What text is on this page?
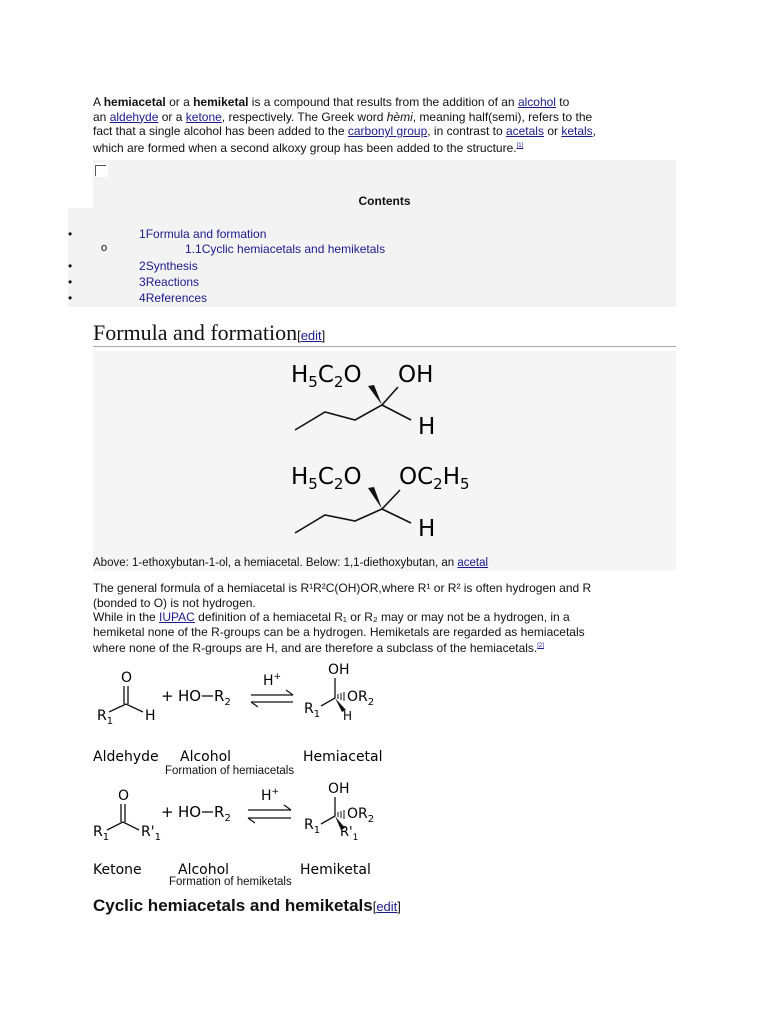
A hemiacetal or a hemiketal is a compound that results from the addition of an alcohol to
an aldehyde or a ketone, respectively. The Greek word hèmi, meaning half(semi), refers to the
fact that a single alcohol has been added to the carbonyl group, in contrast to acetals or ketals,
which are formed when a second alkoxy group has been added to the structure.[1]
Contents
•	1Formula and formation
o	1.1Cyclic hemiacetals and hemiketals
•	2Synthesis
•	3Reactions
•	4References
Formula and formation[edit]
$H_5C_2O$ OH
H
$H_5C_2O$ $OC_2H_5$
H
Above: 1-ethoxybutan-1-ol, a hemiacetal. Below: 1,1-diethoxybutan, an acetal
The general formula of a hemiacetal is R¹R²C(OH)OR,where R¹ or R² is often hydrogen and R
(bonded to O) is not hydrogen.
While in the IUPAC definition of a hemiacetal R₁ or R₂ may or may not be a hydrogen, in a
hemiketal none of the R-groups can be a hydrogen. Hemiketals are regarded as hemiacetals
where none of the R-groups are H, and are therefore a subclass of the hemiacetals.[2]
O
$R_1$ H
+ HO $R_2$
H+	OH
$OR_2$
$R_1$ H
Aldehyde Alcohol	Hemiacetal
Formation of hemiacetals
O
$R_1$ $R'_1$
+ HO $R_2$
H+	OH
$OR_2$
$R_1$ $R'_1$
Ketone	Alcohol	Hemiketal
Formation of hemiketals
Cyclic hemiacetals and hemiketals[edit]
